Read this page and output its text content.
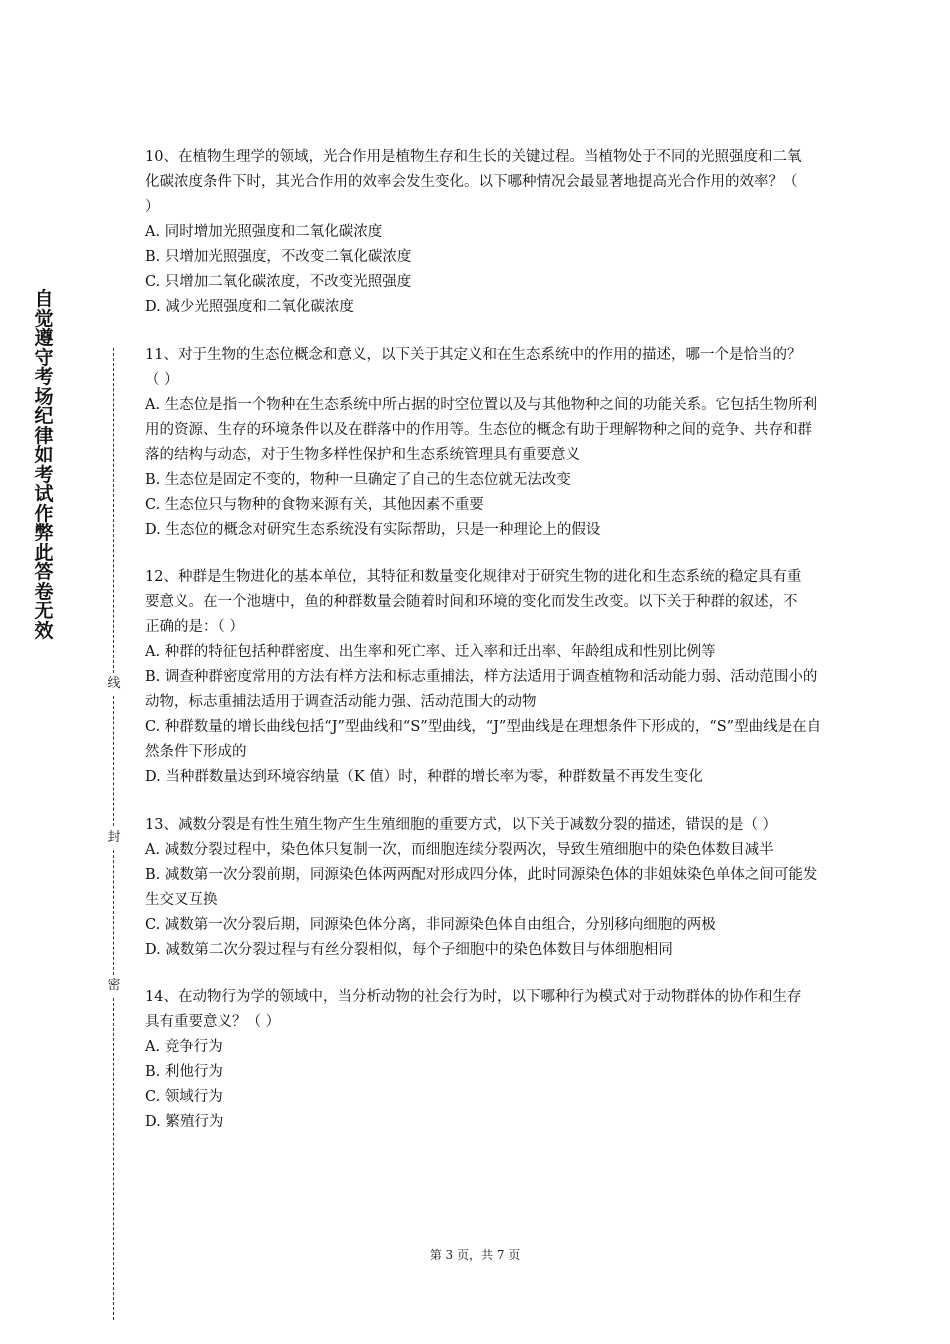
自觉遵守考场纪律如考试作弊此答卷无效
线
封
密

10、在植物生理学的领域，光合作用是植物生存和生长的关键过程。当植物处于不同的光照强度和二氧化碳浓度条件下时，其光合作用的效率会发生变化。以下哪种情况会最显著地提高光合作用的效率？（ ）

A. 同时增加光照强度和二氧化碳浓度

B. 只增加光照强度，不改变二氧化碳浓度

C. 只增加二氧化碳浓度，不改变光照强度

D. 减少光照强度和二氧化碳浓度

11、对于生物的生态位概念和意义，以下关于其定义和在生态系统中的作用的描述，哪一个是恰当的？（ ）

A. 生态位是指一个物种在生态系统中所占据的时空位置以及与其他物种之间的功能关系。它包括生物所利用的资源、生存的环境条件以及在群落中的作用等。生态位的概念有助于理解物种之间的竞争、共存和群落的结构与动态，对于生物多样性保护和生态系统管理具有重要意义

B. 生态位是固定不变的，物种一旦确定了自己的生态位就无法改变

C. 生态位只与物种的食物来源有关，其他因素不重要

D. 生态位的概念对研究生态系统没有实际帮助，只是一种理论上的假设

12、种群是生物进化的基本单位，其特征和数量变化规律对于研究生物的进化和生态系统的稳定具有重要意义。在一个池塘中，鱼的种群数量会随着时间和环境的变化而发生改变。以下关于种群的叙述，不正确的是：（ ）

A. 种群的特征包括种群密度、出生率和死亡率、迁入率和迁出率、年龄组成和性别比例等

B. 调查种群密度常用的方法有样方法和标志重捕法，样方法适用于调查植物和活动能力弱、活动范围小的动物，标志重捕法适用于调查活动能力强、活动范围大的动物

C. 种群数量的增长曲线包括“J”型曲线和“S”型曲线，“J”型曲线是在理想条件下形成的，“S”型曲线是在自然条件下形成的

D. 当种群数量达到环境容纳量（K 值）时，种群的增长率为零，种群数量不再发生变化

13、减数分裂是有性生殖生物产生生殖细胞的重要方式，以下关于减数分裂的描述，错误的是（ ）

A. 减数分裂过程中，染色体只复制一次，而细胞连续分裂两次，导致生殖细胞中的染色体数目减半

B. 减数第一次分裂前期，同源染色体两两配对形成四分体，此时同源染色体的非姐妹染色单体之间可能发生交叉互换

C. 减数第一次分裂后期，同源染色体分离，非同源染色体自由组合，分别移向细胞的两极

D. 减数第二次分裂过程与有丝分裂相似，每个子细胞中的染色体数目与体细胞相同

14、在动物行为学的领域中，当分析动物的社会行为时，以下哪种行为模式对于动物群体的协作和生存具有重要意义？（ ）

A. 竞争行为

B. 利他行为

C. 领域行为

D. 繁殖行为

第 3 页，共 7 页
